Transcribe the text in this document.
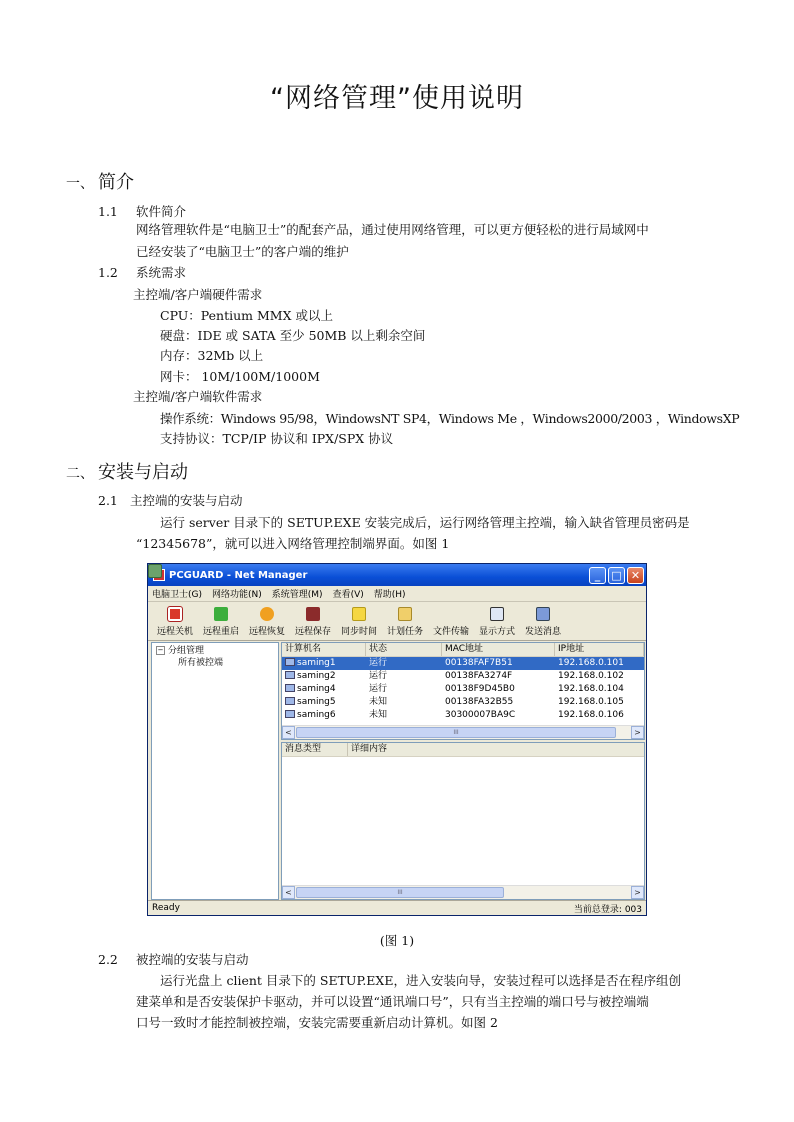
“网络管理”使用说明
一、 简介
1.1 软件简介
网络管理软件是“电脑卫士”的配套产品，通过使用网络管理，可以更方便轻松的进行局域网中
已经安装了“电脑卫士”的客户端的维护
1.2 系统需求
主控端/客户端硬件需求
CPU：Pentium MMX 或以上
硬盘：IDE 或 SATA 至少 50MB 以上剩余空间
内存：32Mb 以上
网卡： 10M/100M/1000M
主控端/客户端软件需求
操作系统：Windows 95/98，WindowsNT SP4，Windows Me ，Windows2000/2003 ，WindowsXP
支持协议：TCP/IP 协议和 IPX/SPX 协议
二、 安装与启动
2.1 主控端的安装与启动
运行 server 目录下的 SETUP.EXE 安装完成后，运行网络管理主控端，输入缺省管理员密码是
“12345678”，就可以进入网络管理控制端界面。如图 1
PCGUARD - Net Manager	_	□ ✕
电脑卫士(G) 网络功能(N) 系统管理(M) 查看(V) 帮助(H)
远程关机 远程重启 远程恢复 远程保存 同步时间 计划任务 文件传输 显示方式 发送消息
− 分组管理
所有被控端
计算机名	状态	MAC地址	IP地址
saming1	运行	00138FAF7B51	192.168.0.101
saming2	运行	00138FA3274F	192.168.0.102
saming4	运行	00138F9D45B0	192.168.0.104
saming5	未知	00138FA32B55	192.168.0.105
saming6	未知	30300007BA9C	192.168.0.106
<	III	>
消息类型	详细内容
<	III	>
Ready	当前总登录: 003
(图 1)
2.2 被控端的安装与启动
运行光盘上 client 目录下的 SETUP.EXE，进入安装向导，安装过程可以选择是否在程序组创
建菜单和是否安装保护卡驱动，并可以设置“通讯端口号”，只有当主控端的端口号与被控端端
口号一致时才能控制被控端，安装完需要重新启动计算机。如图 2
